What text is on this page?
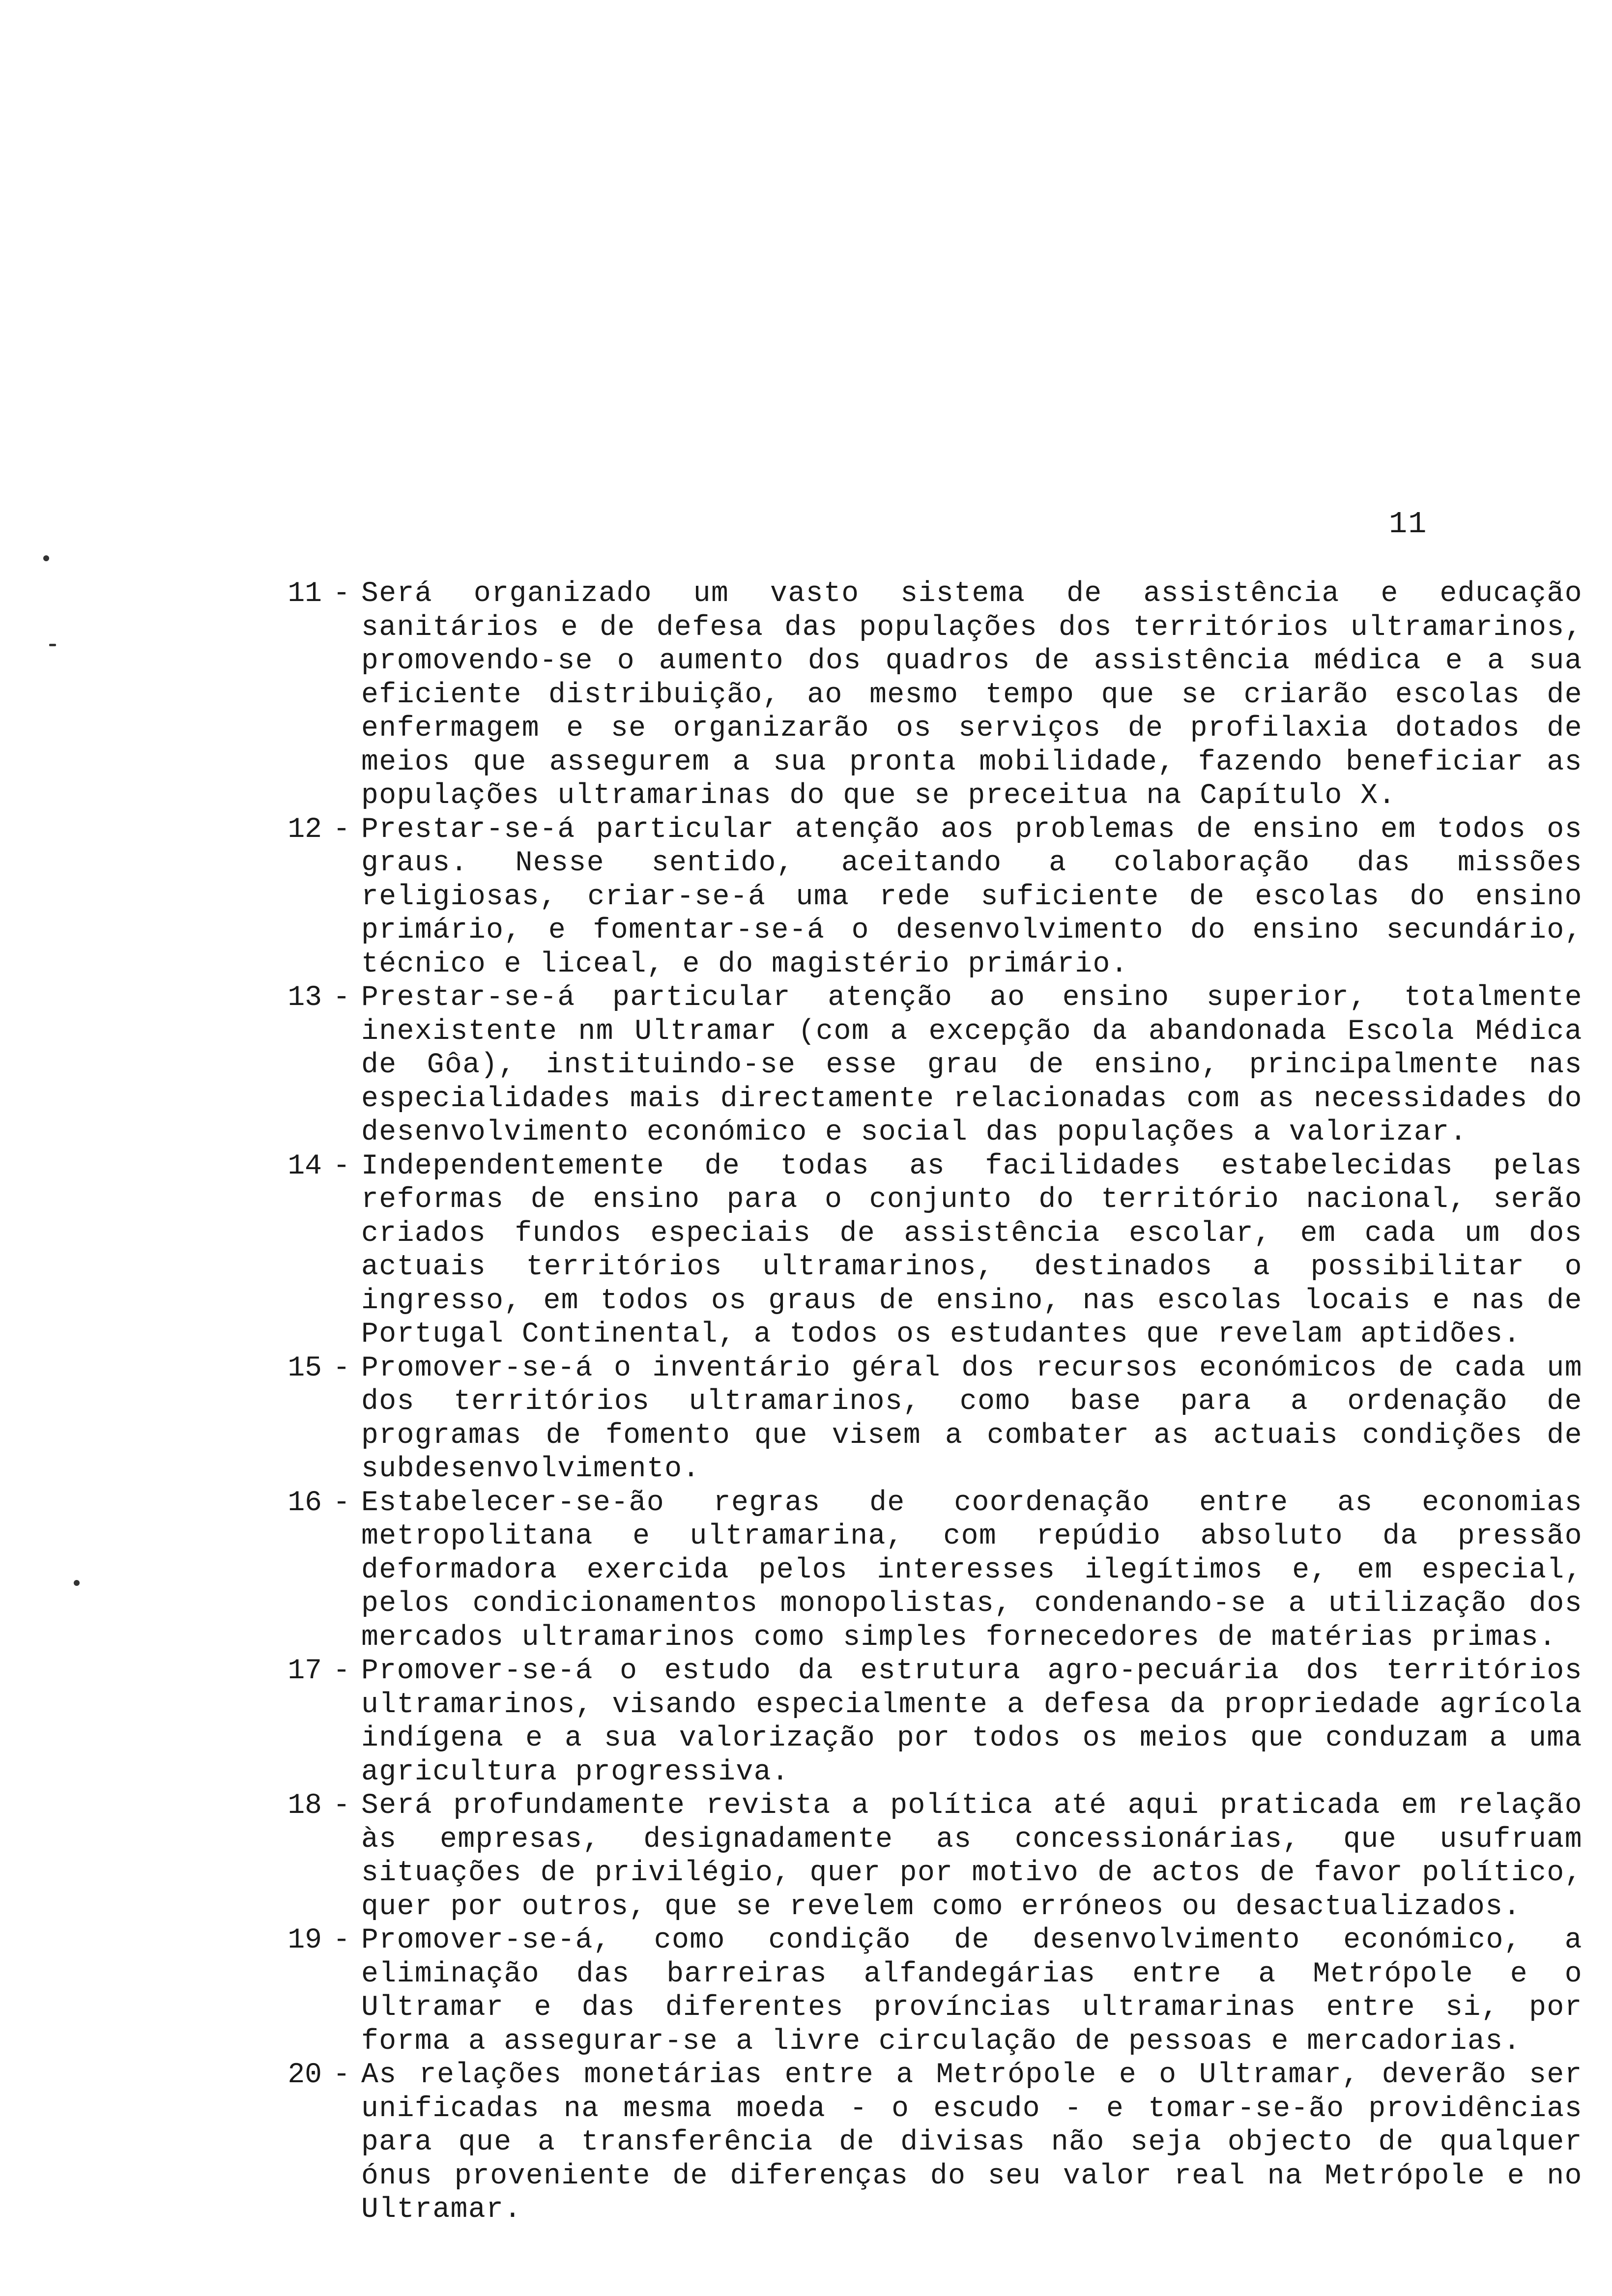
11
11 - Será organizado um vasto sistema de assistência e educação sanitários e de defesa das populações dos territórios ultramarinos, promovendo-se o aumento dos quadros de assistência médica e a sua eficiente distribuição, ao mesmo tempo que se criarão escolas de enfermagem e se organizarão os serviços de profilaxia dotados de meios que assegurem a sua pronta mobilidade, fazendo beneficiar as populações ultramarinas do que se preceitua na Capítulo X.
12 - Prestar-se-á particular atenção aos problemas de ensino em todos os graus. Nesse sentido, aceitando a colaboração das missões religiosas, criar-se-á uma rede suficiente de escolas do ensino primário, e fomentar-se-á o desenvolvimento do ensino secundário, técnico e liceal, e do magistério primário.
13 - Prestar-se-á particular atenção ao ensino superior, totalmente inexistente nm Ultramar (com a excepção da abandonada Escola Médica de Gôa), instituindo-se esse grau de ensino, principalmente nas especialidades mais directamente relacionadas com as necessidades do desenvolvimento económico e social das populações a valorizar.
14 - Independentemente de todas as facilidades estabelecidas pelas reformas de ensino para o conjunto do território nacional, serão criados fundos especiais de assistência escolar, em cada um dos actuais territórios ultramarinos, destinados a possibilitar o ingresso, em todos os graus de ensino, nas escolas locais e nas de Portugal Continental, a todos os estudantes que revelam aptidões.
15 - Promover-se-á o inventário géral dos recursos económicos de cada um dos territórios ultramarinos, como base para a ordenação de programas de fomento que visem a combater as actuais condições de subdesenvolvimento.
16 - Estabelecer-se-ão regras de coordenação entre as economias metropolitana e ultramarina, com repúdio absoluto da pressão deformadora exercida pelos interesses ilegítimos e, em especial, pelos condicionamentos monopolistas, condenando-se a utilização dos mercados ultramarinos como simples fornecedores de matérias primas.
17 - Promover-se-á o estudo da estrutura agro-pecuária dos territórios ultramarinos, visando especialmente a defesa da propriedade agrícola indígena e a sua valorização por todos os meios que conduzam a uma agricultura progressiva.
18 - Será profundamente revista a política até aqui praticada em relação às empresas, designadamente as concessionárias, que usufruam situações de privilégio, quer por motivo de actos de favor político, quer por outros, que se revelem como erróneos ou desactualizados.
19 - Promover-se-á, como condição de desenvolvimento económico, a eliminação das barreiras alfandegárias entre a Metrópole e o Ultramar e das diferentes províncias ultramarinas entre si, por forma a assegurar-se a livre circulação de pessoas e mercadorias.
20 - As relações monetárias entre a Metrópole e o Ultramar, deverão ser unificadas na mesma moeda - o escudo - e tomar-se-ão providências para que a transferência de divisas não seja objecto de qualquer ónus proveniente de diferenças do seu valor real na Metrópole e no Ultramar.
